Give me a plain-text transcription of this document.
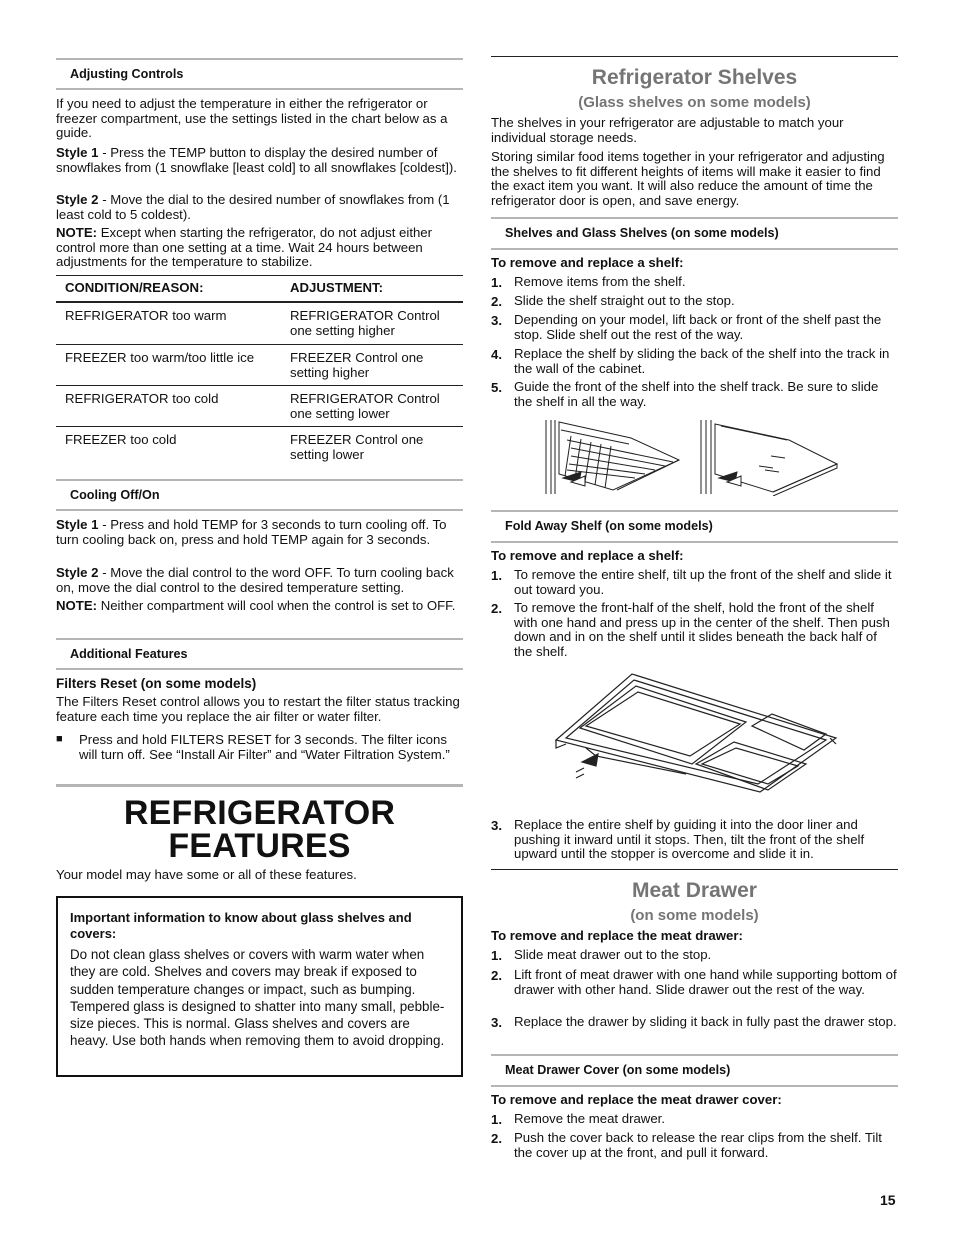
Adjusting Controls

If you need to adjust the temperature in either the refrigerator or freezer compartment, use the settings listed in the chart below as a guide.

Style 1 - Press the TEMP button to display the desired number of snowflakes from (1 snowflake [least cold] to all snowflakes [coldest]).

Style 2 - Move the dial to the desired number of snowflakes from (1 least cold to 5 coldest).

NOTE: Except when starting the refrigerator, do not adjust either control more than one setting at a time. Wait 24 hours between adjustments for the temperature to stabilize.

CONDITION/REASON:	ADJUSTMENT:
REFRIGERATOR too warm	REFRIGERATOR Control one setting higher
FREEZER too warm/too little ice	FREEZER Control one setting higher
REFRIGERATOR too cold	REFRIGERATOR Control one setting lower
FREEZER too cold	FREEZER Control one setting lower
Cooling Off/On

Style 1 - Press and hold TEMP for 3 seconds to turn cooling off. To turn cooling back on, press and hold TEMP again for 3 seconds.

Style 2 - Move the dial control to the word OFF. To turn cooling back on, move the dial control to the desired temperature setting.

NOTE: Neither compartment will cool when the control is set to OFF.

Additional Features

Filters Reset (on some models)

The Filters Reset control allows you to restart the filter status tracking feature each time you replace the air filter or water filter.

■ Press and hold FILTERS RESET for 3 seconds. The filter icons will turn off. See “Install Air Filter” and “Water Filtration System.”

REFRIGERATOR
FEATURES

Your model may have some or all of these features.

Important information to know about glass shelves and covers:

Do not clean glass shelves or covers with warm water when they are cold. Shelves and covers may break if exposed to sudden temperature changes or impact, such as bumping. Tempered glass is designed to shatter into many small, pebble-size pieces. This is normal. Glass shelves and covers are heavy. Use both hands when removing them to avoid dropping.

Refrigerator Shelves
(Glass shelves on some models)

The shelves in your refrigerator are adjustable to match your individual storage needs.

Storing similar food items together in your refrigerator and adjusting the shelves to fit different heights of items will make it easier to find the exact item you want. It will also reduce the amount of time the refrigerator door is open, and save energy.

Shelves and Glass Shelves (on some models)

To remove and replace a shelf:

1. Remove items from the shelf.

2. Slide the shelf straight out to the stop.

3. Depending on your model, lift back or front of the shelf past the stop. Slide shelf out the rest of the way.

4. Replace the shelf by sliding the back of the shelf into the track in the wall of the cabinet.

5. Guide the front of the shelf into the shelf track. Be sure to slide the shelf in all the way.

Fold Away Shelf (on some models)

To remove and replace a shelf:

1. To remove the entire shelf, tilt up the front of the shelf and slide it out toward you.

2. To remove the front-half of the shelf, hold the front of the shelf with one hand and press up in the center of the shelf. Then push down and in on the shelf until it slides beneath the back half of the shelf.

3. Replace the entire shelf by guiding it into the door liner and pushing it inward until it stops. Then, tilt the front of the shelf upward until the stopper is overcome and slide it in.

Meat Drawer
(on some models)

To remove and replace the meat drawer:

1. Slide meat drawer out to the stop.

2. Lift front of meat drawer with one hand while supporting bottom of drawer with other hand. Slide drawer out the rest of the way.

3. Replace the drawer by sliding it back in fully past the drawer stop.

Meat Drawer Cover (on some models)

To remove and replace the meat drawer cover:

1. Remove the meat drawer.

2. Push the cover back to release the rear clips from the shelf. Tilt the cover up at the front, and pull it forward.

15
